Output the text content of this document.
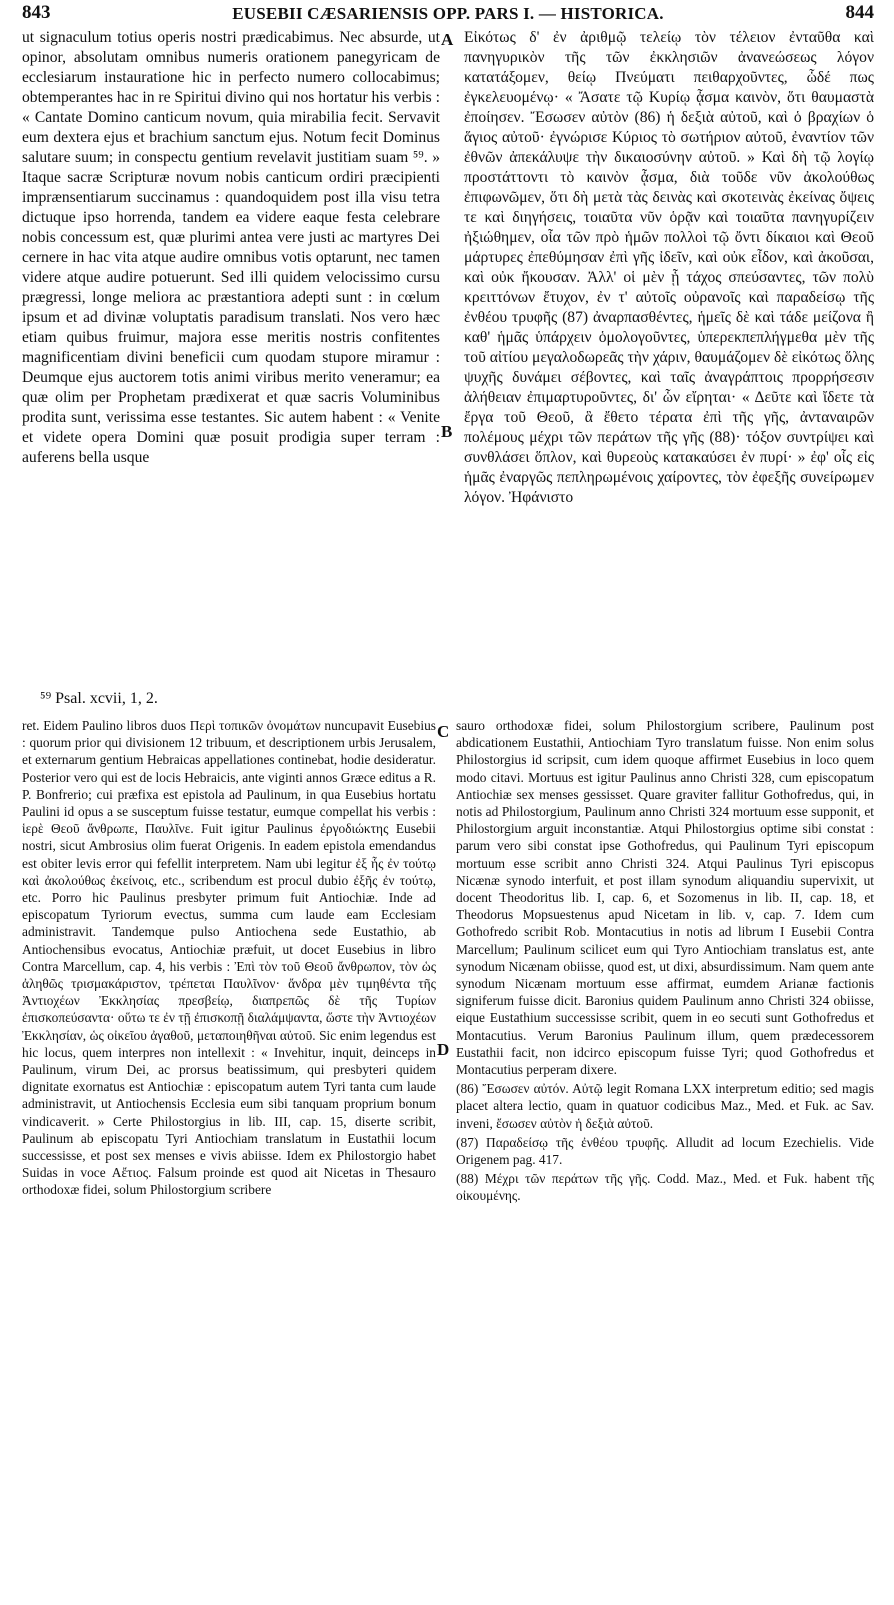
843	EUSEBII CÆSARIENSIS OPP. PARS I. — HISTORICA.	844

ut signaculum totius operis nostri prædicabimus. Nec absurde, ut opinor, absolutam omnibus numeris orationem panegyricam de ecclesiarum instauratione hic in perfecto numero collocabimus; obtemperantes hac in re Spiritui divino qui nos hortatur his verbis : « Cantate Domino canticum novum, quia mirabilia fecit. Servavit eum dextera ejus et brachium sanctum ejus. Notum fecit Dominus salutare suum; in conspectu gentium revelavit justitiam suam ⁵⁹. » Itaque sacræ Scripturæ novum nobis canticum ordiri præcipienti imprænsentiarum succinamus : quandoquidem post illa visu tetra dictuque ipso horrenda, tandem ea videre eaque festa celebrare nobis concessum est, quæ plurimi antea vere justi ac martyres Dei cernere in hac vita atque audire omnibus votis optarunt, nec tamen videre atque audire potuerunt. Sed illi quidem velocissimo cursu prægressi, longe meliora ac præstantiora adepti sunt : in cœlum ipsum et ad divinæ voluptatis paradisum translati. Nos vero hæc etiam quibus fruimur, majora esse meritis nostris confitentes magnificentiam divini beneficii cum quodam stupore miramur : Deumque ejus auctorem totis animi viribus merito veneramur; ea quæ olim per Prophetam prædixerat et quæ sacris Voluminibus prodita sunt, verissima esse testantes. Sic autem habent : « Venite et videte opera Domini quæ posuit prodigia super terram : auferens bella usque

A
B

Εἰκότως δ' ἐν ἀριθμῷ τελείῳ τὸν τέλειον ἐνταῦθα καὶ πανηγυρικὸν τῆς τῶν ἐκκλησιῶν ἀνανεώσεως λόγον κατατάξομεν, θείῳ Πνεύματι πειθαρχοῦντες, ὧδέ πως ἐγκελευομένῳ· « Ἄσατε τῷ Κυρίῳ ᾆσμα καινὸν, ὅτι θαυμαστὰ ἐποίησεν. Ἔσωσεν αὐτὸν (86) ἡ δεξιὰ αὐτοῦ, καὶ ὁ βραχίων ὁ ἅγιος αὐτοῦ· ἐγνώρισε Κύριος τὸ σωτήριον αὐτοῦ, ἐναντίον τῶν ἐθνῶν ἀπεκάλυψε τὴν δικαιοσύνην αὐτοῦ. » Καὶ δὴ τῷ λογίῳ προστάττοντι τὸ καινὸν ᾆσμα, διὰ τοῦδε νῦν ἀκολούθως ἐπιφωνῶμεν, ὅτι δὴ μετὰ τὰς δεινὰς καὶ σκοτεινὰς ἐκείνας ὄψεις τε καὶ διηγήσεις, τοιαῦτα νῦν ὁρᾷν καὶ τοιαῦτα πανηγυρίζειν ἠξιώθημεν, οἷα τῶν πρὸ ἡμῶν πολλοὶ τῷ ὄντι δίκαιοι καὶ Θεοῦ μάρτυρες ἐπεθύμησαν ἐπὶ γῆς ἰδεῖν, καὶ οὐκ εἶδον, καὶ ἀκοῦσαι, καὶ οὐκ ἤκουσαν. Ἀλλ' οἱ μὲν ᾗ τάχος σπεύσαντες, τῶν πολὺ κρειττόνων ἔτυχον, ἐν τ' αὐτοῖς οὐρανοῖς καὶ παραδείσῳ τῆς ἐνθέου τρυφῆς (87) ἀναρπασθέντες, ἡμεῖς δὲ καὶ τάδε μείζονα ἢ καθ' ἡμᾶς ὑπάρχειν ὁμολογοῦντες, ὑπερεκπεπλήγμεθα μὲν τῆς τοῦ αἰτίου μεγαλοδωρεᾶς τὴν χάριν, θαυμάζομεν δὲ εἰκότως ὅλης ψυχῆς δυνάμει σέβοντες, καὶ ταῖς ἀναγράπτοις προρρήσεσιν ἀλήθειαν ἐπιμαρτυροῦντες, δι' ὧν εἴρηται· « Δεῦτε καὶ ἴδετε τὰ ἔργα τοῦ Θεοῦ, ἃ ἔθετο τέρατα ἐπὶ τῆς γῆς, ἀνταναιρῶν πολέμους μέχρι τῶν περάτων τῆς γῆς (88)· τόξον συντρίψει καὶ συνθλάσει ὅπλον, καὶ θυρεοὺς κατακαύσει ἐν πυρί· » ἐφ' οἷς εἰς ἡμᾶς ἐναργῶς πεπληρωμένοις χαίροντες, τὸν ἐφεξῆς συνείρωμεν λόγον. Ἠφάνιστο

⁵⁹ Psal. xcvii, 1, 2.
C
D

ret. Eidem Paulino libros duos Περὶ τοπικῶν ὀνομάτων nuncupavit Eusebius : quorum prior qui divisionem 12 tribuum, et descriptionem urbis Jerusalem, et externarum gentium Hebraicas appellationes continebat, hodie desideratur. Posterior vero qui est de locis Hebraicis, ante viginti annos Græce editus a R. P. Bonfrerio; cui præfixa est epistola ad Paulinum, in qua Eusebius hortatu Paulini id opus a se susceptum fuisse testatur, eumque compellat his verbis : ἱερὲ Θεοῦ ἄνθρωπε, Παυλῖνε. Fuit igitur Paulinus ἐργοδιώκτης Eusebii nostri, sicut Ambrosius olim fuerat Origenis. In eadem epistola emendandus est obiter levis error qui fefellit interpretem. Nam ubi legitur ἐξ ἧς ἐν τούτῳ καὶ ἀκολούθως ἐκείνοις, etc., scribendum est procul dubio ἐξῆς ἐν τούτῳ, etc. Porro hic Paulinus presbyter primum fuit Antiochiæ. Inde ad episcopatum Tyriorum evectus, summa cum laude eam Ecclesiam administravit. Tandemque pulso Antiochena sede Eustathio, ab Antiochensibus evocatus, Antiochiæ præfuit, ut docet Eusebius in libro Contra Marcellum, cap. 4, his verbis : Ἐπὶ τὸν τοῦ Θεοῦ ἄνθρωπον, τὸν ὡς ἀληθῶς τρισμακάριστον, τρέπεται Παυλῖνον· ἄνδρα μὲν τιμηθέντα τῆς Ἀντιοχέων Ἐκκλησίας πρεσβείῳ, διαπρεπῶς δὲ τῆς Τυρίων ἐπισκοπεύσαντα· οὕτω τε ἐν τῇ ἐπισκοπῇ διαλάμψαντα, ὥστε τὴν Ἀντιοχέων Ἐκκλησίαν, ὡς οἰκεῖου ἀγαθοῦ, μεταποιηθῆναι αὐτοῦ. Sic enim legendus est hic locus, quem interpres non intellexit : « Invehitur, inquit, deinceps in Paulinum, virum Dei, ac prorsus beatissimum, qui presbyteri quidem dignitate exornatus est Antiochiæ : episcopatum autem Tyri tanta cum laude administravit, ut Antiochensis Ecclesia eum sibi tanquam proprium bonum vindicaverit. » Certe Philostorgius in lib. III, cap. 15, diserte scribit, Paulinum ab episcopatu Tyri Antiochiam translatum in Eustathii locum successisse, et post sex menses e vivis abiisse. Idem ex Philostorgio habet Suidas in voce Αἔτιος. Falsum proinde est quod ait Nicetas in Thesauro orthodoxæ fidei, solum Philostorgium scribere

sauro orthodoxæ fidei, solum Philostorgium scribere, Paulinum post abdicationem Eustathii, Antiochiam Tyro translatum fuisse. Non enim solus Philostorgius id scripsit, cum idem quoque affirmet Eusebius in loco quem modo citavi. Mortuus est igitur Paulinus anno Christi 328, cum episcopatum Antiochiæ sex menses gessisset. Quare graviter fallitur Gothofredus, qui, in notis ad Philostorgium, Paulinum anno Christi 324 mortuum esse supponit, et Philostorgium arguit inconstantiæ. Atqui Philostorgius optime sibi constat : parum vero sibi constat ipse Gothofredus, qui Paulinum Tyri episcopum mortuum esse scribit anno Christi 324. Atqui Paulinus Tyri episcopus Nicænæ synodo interfuit, et post illam synodum aliquandiu supervixit, ut docent Theodoritus lib. I, cap. 6, et Sozomenus in lib. II, cap. 18, et Theodorus Mopsuestenus apud Nicetam in lib. v, cap. 7. Idem cum Gothofredo scribit Rob. Montacutius in notis ad librum I Eusebii Contra Marcellum; Paulinum scilicet eum qui Tyro Antiochiam translatus est, ante synodum Nicænam obiisse, quod est, ut dixi, absurdissimum. Nam quem ante synodum Nicænam mortuum esse affirmat, eumdem Arianæ factionis signiferum fuisse dicit. Baronius quidem Paulinum anno Christi 324 obiisse, eique Eustathium successisse scribit, quem in eo secuti sunt Gothofredus et Montacutius. Verum Baronius Paulinum illum, quem prædecessorem Eustathii facit, non idcirco episcopum fuisse Tyri; quod Gothofredus et Montacutius perperam dixere.

(86) Ἔσωσεν αὐτόν. Αὐτῷ legit Romana LXX interpretum editio; sed magis placet altera lectio, quam in quatuor codicibus Maz., Med. et Fuk. ac Sav. inveni, ἔσωσεν αὐτὸν ἡ δεξιὰ αὐτοῦ.

(87) Παραδείσῳ τῆς ἐνθέου τρυφῆς. Alludit ad locum Ezechielis. Vide Origenem pag. 417.

(88) Μέχρι τῶν περάτων τῆς γῆς. Codd. Maz., Med. et Fuk. habent τῆς οἰκουμένης.
